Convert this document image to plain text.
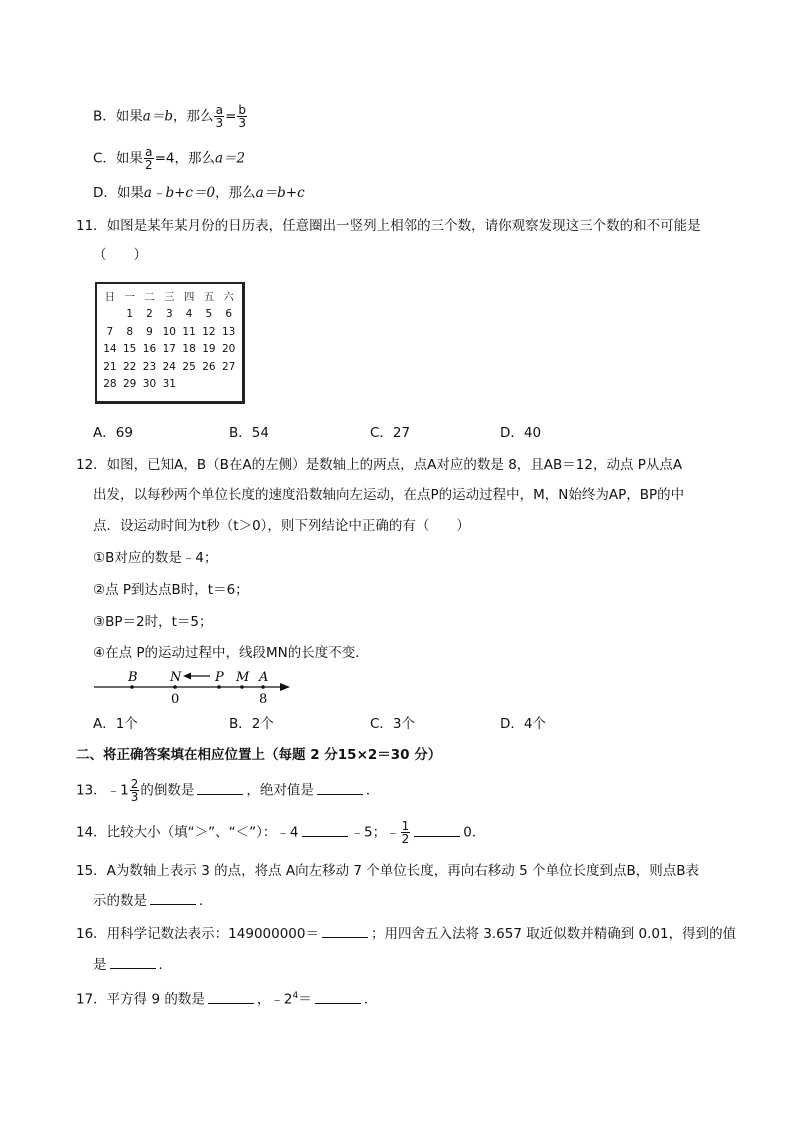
B．如果a＝b，那么 $\frac{a}{3} = \frac{b}{3}$
C．如果 $\frac{a}{2} =4$，那么a＝2
D．如果a﹣b+c＝0，那么a＝b+c
11．如图是某年某月份的日历表，任意圈出一竖列上相邻的三个数，请你观察发现这三个数的和不可能是
（　　）
日	一	二	三	四	五	六
	1	2	3	4	5	6
7	8	9	10	11	12	13
14	15	16	17	18	19	20
21	22	23	24	25	26	27
28	29	30	31			
A．69	B．54	C．27	D．40
12．如图，已知A，B（B在A的左侧）是数轴上的两点，点A对应的数是 8，且AB＝12，动点 P从点A
出发，以每秒两个单位长度的速度沿数轴向左运动，在点P的运动过程中，M，N始终为AP，BP的中
点．设运动时间为t秒（t＞0），则下列结论中正确的有（　　）
①B对应的数是﹣4；
②点 P到达点B时，t＝6；
③BP＝2时，t＝5；
④在点 P的运动过程中，线段MN的长度不变．
B N	P M A
0	8
A．1个	B．2个	C．3个	D．4个
二、将正确答案填在相应位置上（每题 2 分15×2＝30 分）
13．﹣1 $\frac{2}{3}$ 的倒数是	，绝对值是	．
14．比较大小（填“＞”、“＜”）：﹣4	﹣5；﹣ $\frac{1}{2}$	0．
15．A为数轴上表示 3 的点，将点 A向左移动 7 个单位长度，再向右移动 5 个单位长度到点B，则点B表
示的数是	．
16．用科学记数法表示：149000000＝	；用四舍五入法将 3.657 取近似数并精确到 0.01，得到的值
是	．
17．平方得 9 的数是	，$﹣2^4=$	．
